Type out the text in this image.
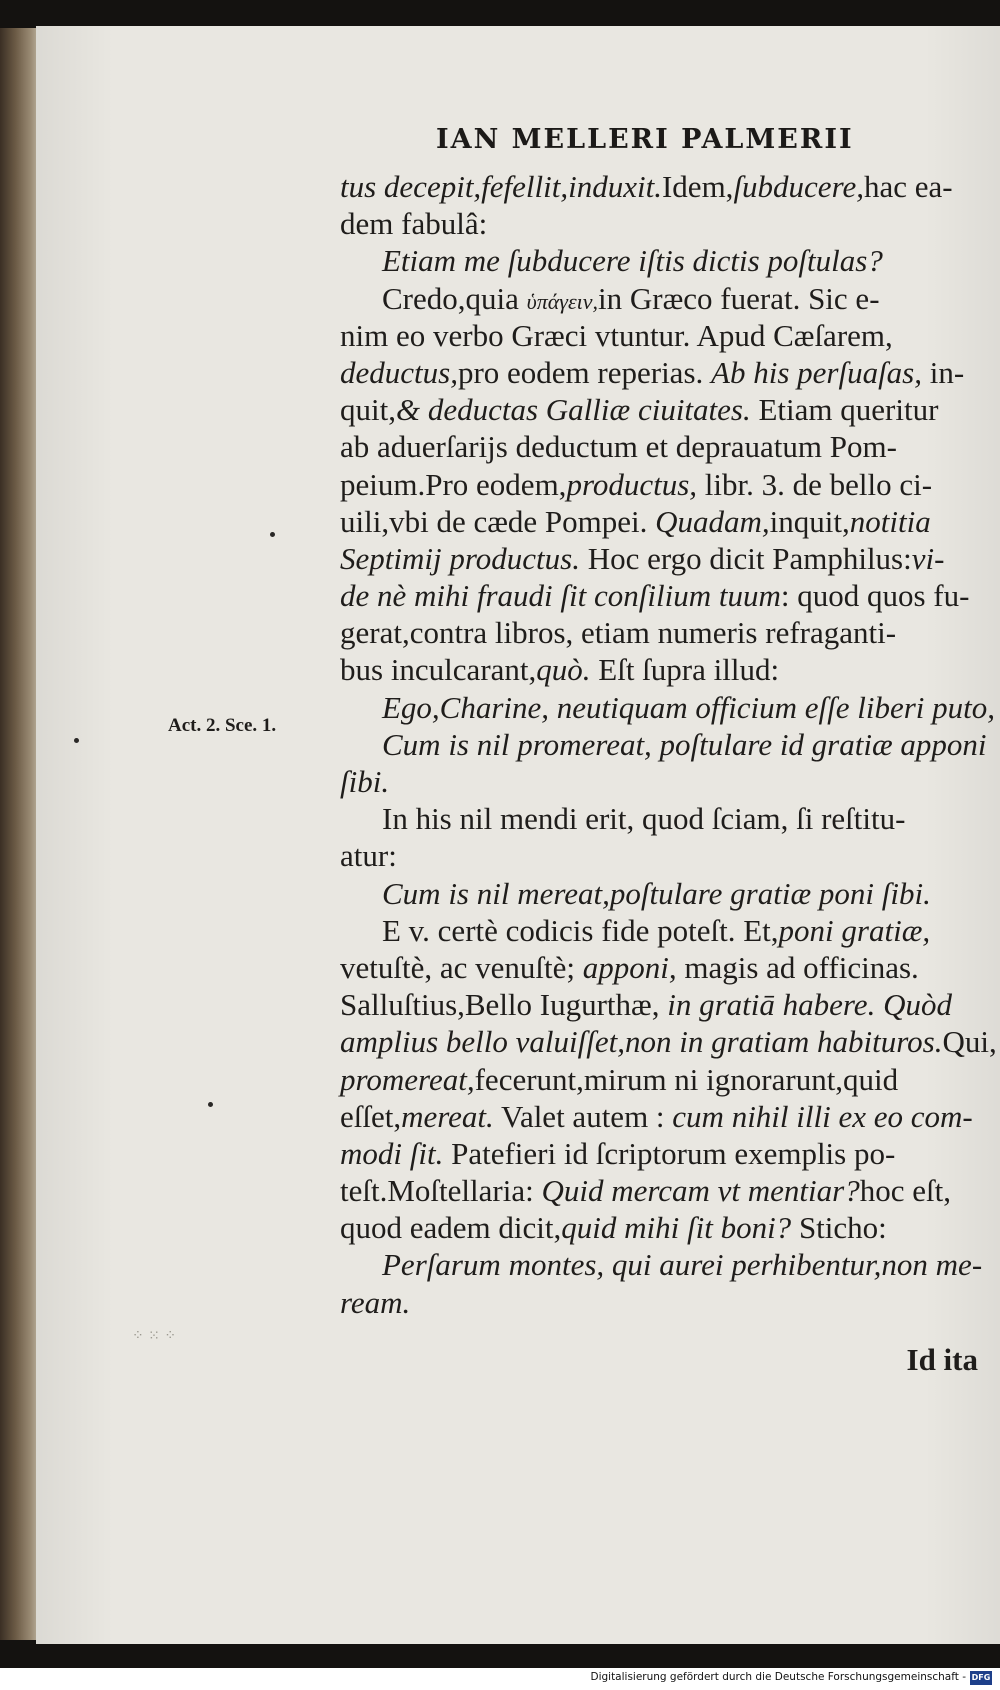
⁘ ⁙ ⁘
IAN MELLERI PALMERII
Act. 2. Sce. 1.
tus decepit,fefellit,induxit.Idem,ſubducere,hac ea-
dem fabulâ:
Etiam me ſubducere iſtis dictis poſtulas?
Credo,quia ὑπάγειν,in Græco fuerat. Sic e-
nim eo verbo Græci vtuntur. Apud Cæſarem,
deductus,pro eodem reperias. Ab his perſuaſas, in-
quit,& deductas Galliæ ciuitates. Etiam queritur
ab aduerſarijs deductum et deprauatum Pom-
peium.Pro eodem,productus, libr. 3. de bello ci-
uili,vbi de cæde Pompei. Quadam,inquit,notitia
Septimij productus. Hoc ergo dicit Pamphilus:vi-
de nè mihi fraudi ſit conſilium tuum: quod quos fu-
gerat,contra libros, etiam numeris refraganti-
bus inculcarant,quò. Eſt ſupra illud:
Ego,Charine, neutiquam officium eſſe liberi puto,
Cum is nil promereat, poſtulare id gratiæ apponi
ſibi.
In his nil mendi erit, quod ſciam, ſi reſtitu-
atur:
Cum is nil mereat,poſtulare gratiæ poni ſibi.
E v. certè codicis fide poteſt. Et,poni gratiæ,
vetuſtè, ac venuſtè; apponi, magis ad officinas.
Salluſtius,Bello Iugurthæ, in gratiā habere. Quòd
amplius bello valuiſſet,non in gratiam habituros.Qui,
promereat,fecerunt,mirum ni ignorarunt,quid
eſſet,mereat. Valet autem : cum nihil illi ex eo com-
modi ſit. Patefieri id ſcriptorum exemplis po-
teſt.Moſtellaria: Quid mercam vt mentiar?hoc eſt,
quod eadem dicit,quid mihi ſit boni? Sticho:
Perſarum montes, qui aurei perhibentur,non me-
ream.
Id ita
Digitalisierung gefördert durch die Deutsche Forschungsgemeinschaft - DFG
